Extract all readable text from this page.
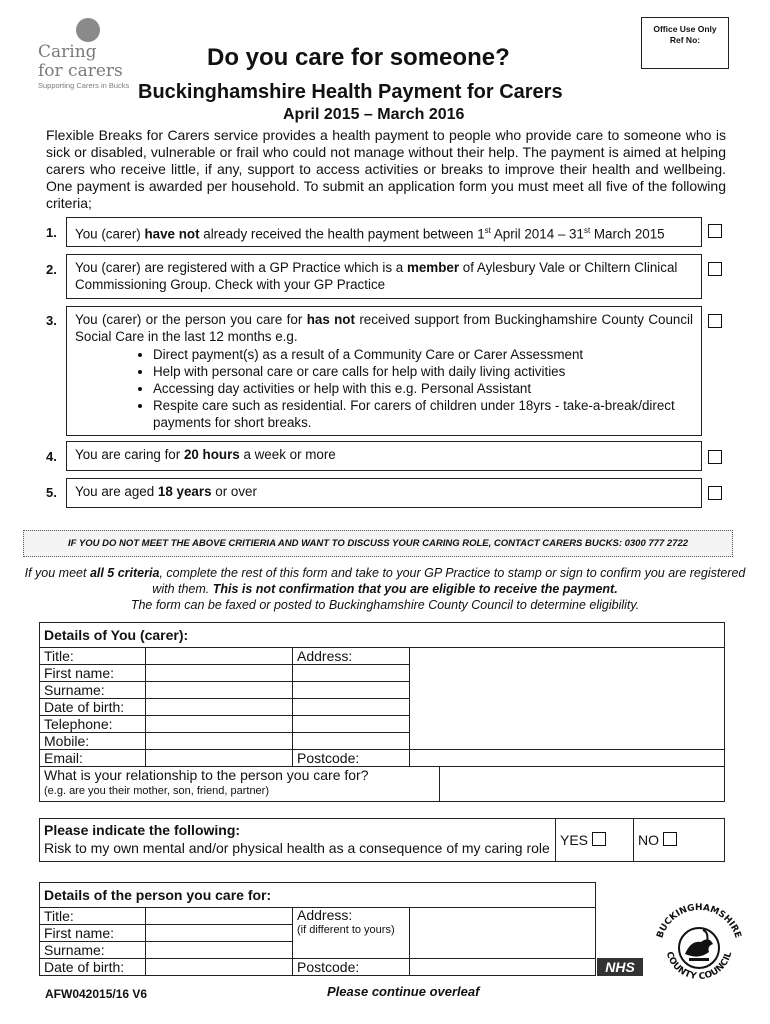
Caring
for carers
Supporting Carers in Bucks
Office Use Only
Ref No:
Do you care for someone?
Buckinghamshire Health Payment for Carers
April 2015 – March 2016
Flexible Breaks for Carers service provides a health payment to people who provide care to someone who is sick or disabled, vulnerable or frail who could not manage without their help. The payment is aimed at helping carers who receive little, if any, support to access activities or breaks to improve their health and wellbeing. One payment is awarded per household. To submit an application form you must meet all five of the following criteria;
1.	You (carer) have not already received the health payment between 1st April 2014 – 31st March 2015
2.	You (carer) are registered with a GP Practice which is a member of Aylesbury Vale or Chiltern Clinical Commissioning Group. Check with your GP Practice
3. You (carer) or the person you care for has not received support from Buckinghamshire County Council Social Care in the last 12 months e.g.
• Direct payment(s) as a result of a Community Care or Carer Assessment
• Help with personal care or care calls for help with daily living activities
• Accessing day activities or help with this e.g. Personal Assistant
• Respite care such as residential. For carers of children under 18yrs - take-a-break/direct payments for short breaks.
4.	You are caring for 20 hours a week or more
5.	You are aged 18 years or over
IF YOU DO NOT MEET THE ABOVE CRITIERIA AND WANT TO DISCUSS YOUR CARING ROLE, CONTACT CARERS BUCKS: 0300 777 2722
If you meet all 5 criteria, complete the rest of this form and take to your GP Practice to stamp or sign to confirm you are registered with them. This is not confirmation that you are eligible to receive the payment.
The form can be faxed or posted to Buckinghamshire County Council to determine eligibility.
Details of You (carer):				
Title:		Address:		
First name:				
Surname:				
Date of birth:				
Telephone:				
Mobile:				
Email:		Postcode:		

What is your relationship to the person you care for?
(e.g. are you their mother, son, friend, partner)				

Please indicate the following:
Risk to my own mental and/or physical health as a consequence of my caring role	YES	NO
Details of the person you care for:			
Title:		Address:
(if different to yours)	

First name:			
Surname:			
Date of birth:		Postcode:		NHS
BUCKINGHAMSHIRE
COUNTY COUNCIL
AFW042015/16 V6	Please continue overleaf
